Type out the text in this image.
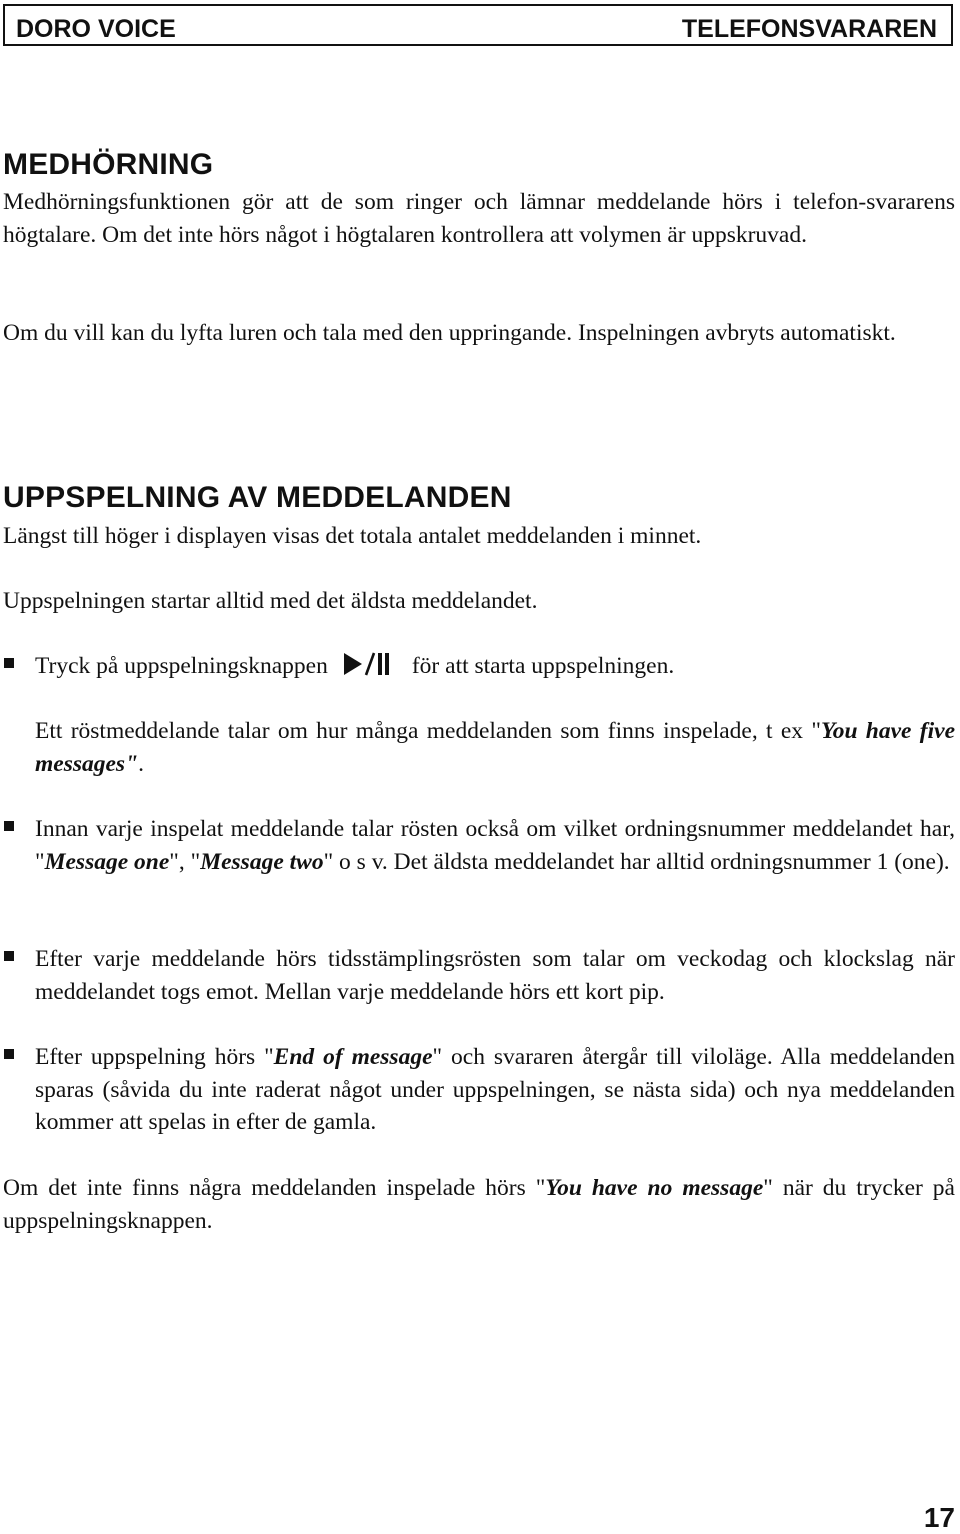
DORO VOICE	TELEFONSVARAREN
MEDHÖRNING

Medhörningsfunktionen gör att de som ringer och lämnar meddelande hörs i telefon-svararens högtalare. Om det inte hörs något i högtalaren kontrollera att volymen är uppskruvad.

Om du vill kan du lyfta luren och tala med den uppringande. Inspelningen avbryts automatiskt.

UPPSPELNING AV MEDDELANDEN

Längst till höger i displayen visas det totala antalet meddelanden i minnet.

Uppspelningen startar alltid med det äldsta meddelandet.

Tryck på uppspelningsknappen	för att starta uppspelningen.

Ett röstmeddelande talar om hur många meddelanden som finns inspelade, t ex "You have five messages".

Innan varje inspelat meddelande talar rösten också om vilket ordningsnummer meddelandet har, "Message one", "Message two" o s v. Det äldsta meddelandet har alltid ordningsnummer 1 (one).

Efter varje meddelande hörs tidsstämplingsrösten som talar om veckodag och klockslag när meddelandet togs emot. Mellan varje meddelande hörs ett kort pip.

Efter uppspelning hörs "End of message" och svararen återgår till viloläge. Alla meddelanden sparas (såvida du inte raderat något under uppspelningen, se nästa sida) och nya meddelanden kommer att spelas in efter de gamla.

Om det inte finns några meddelanden inspelade hörs "You have no message" när du trycker på uppspelningsknappen.

17
